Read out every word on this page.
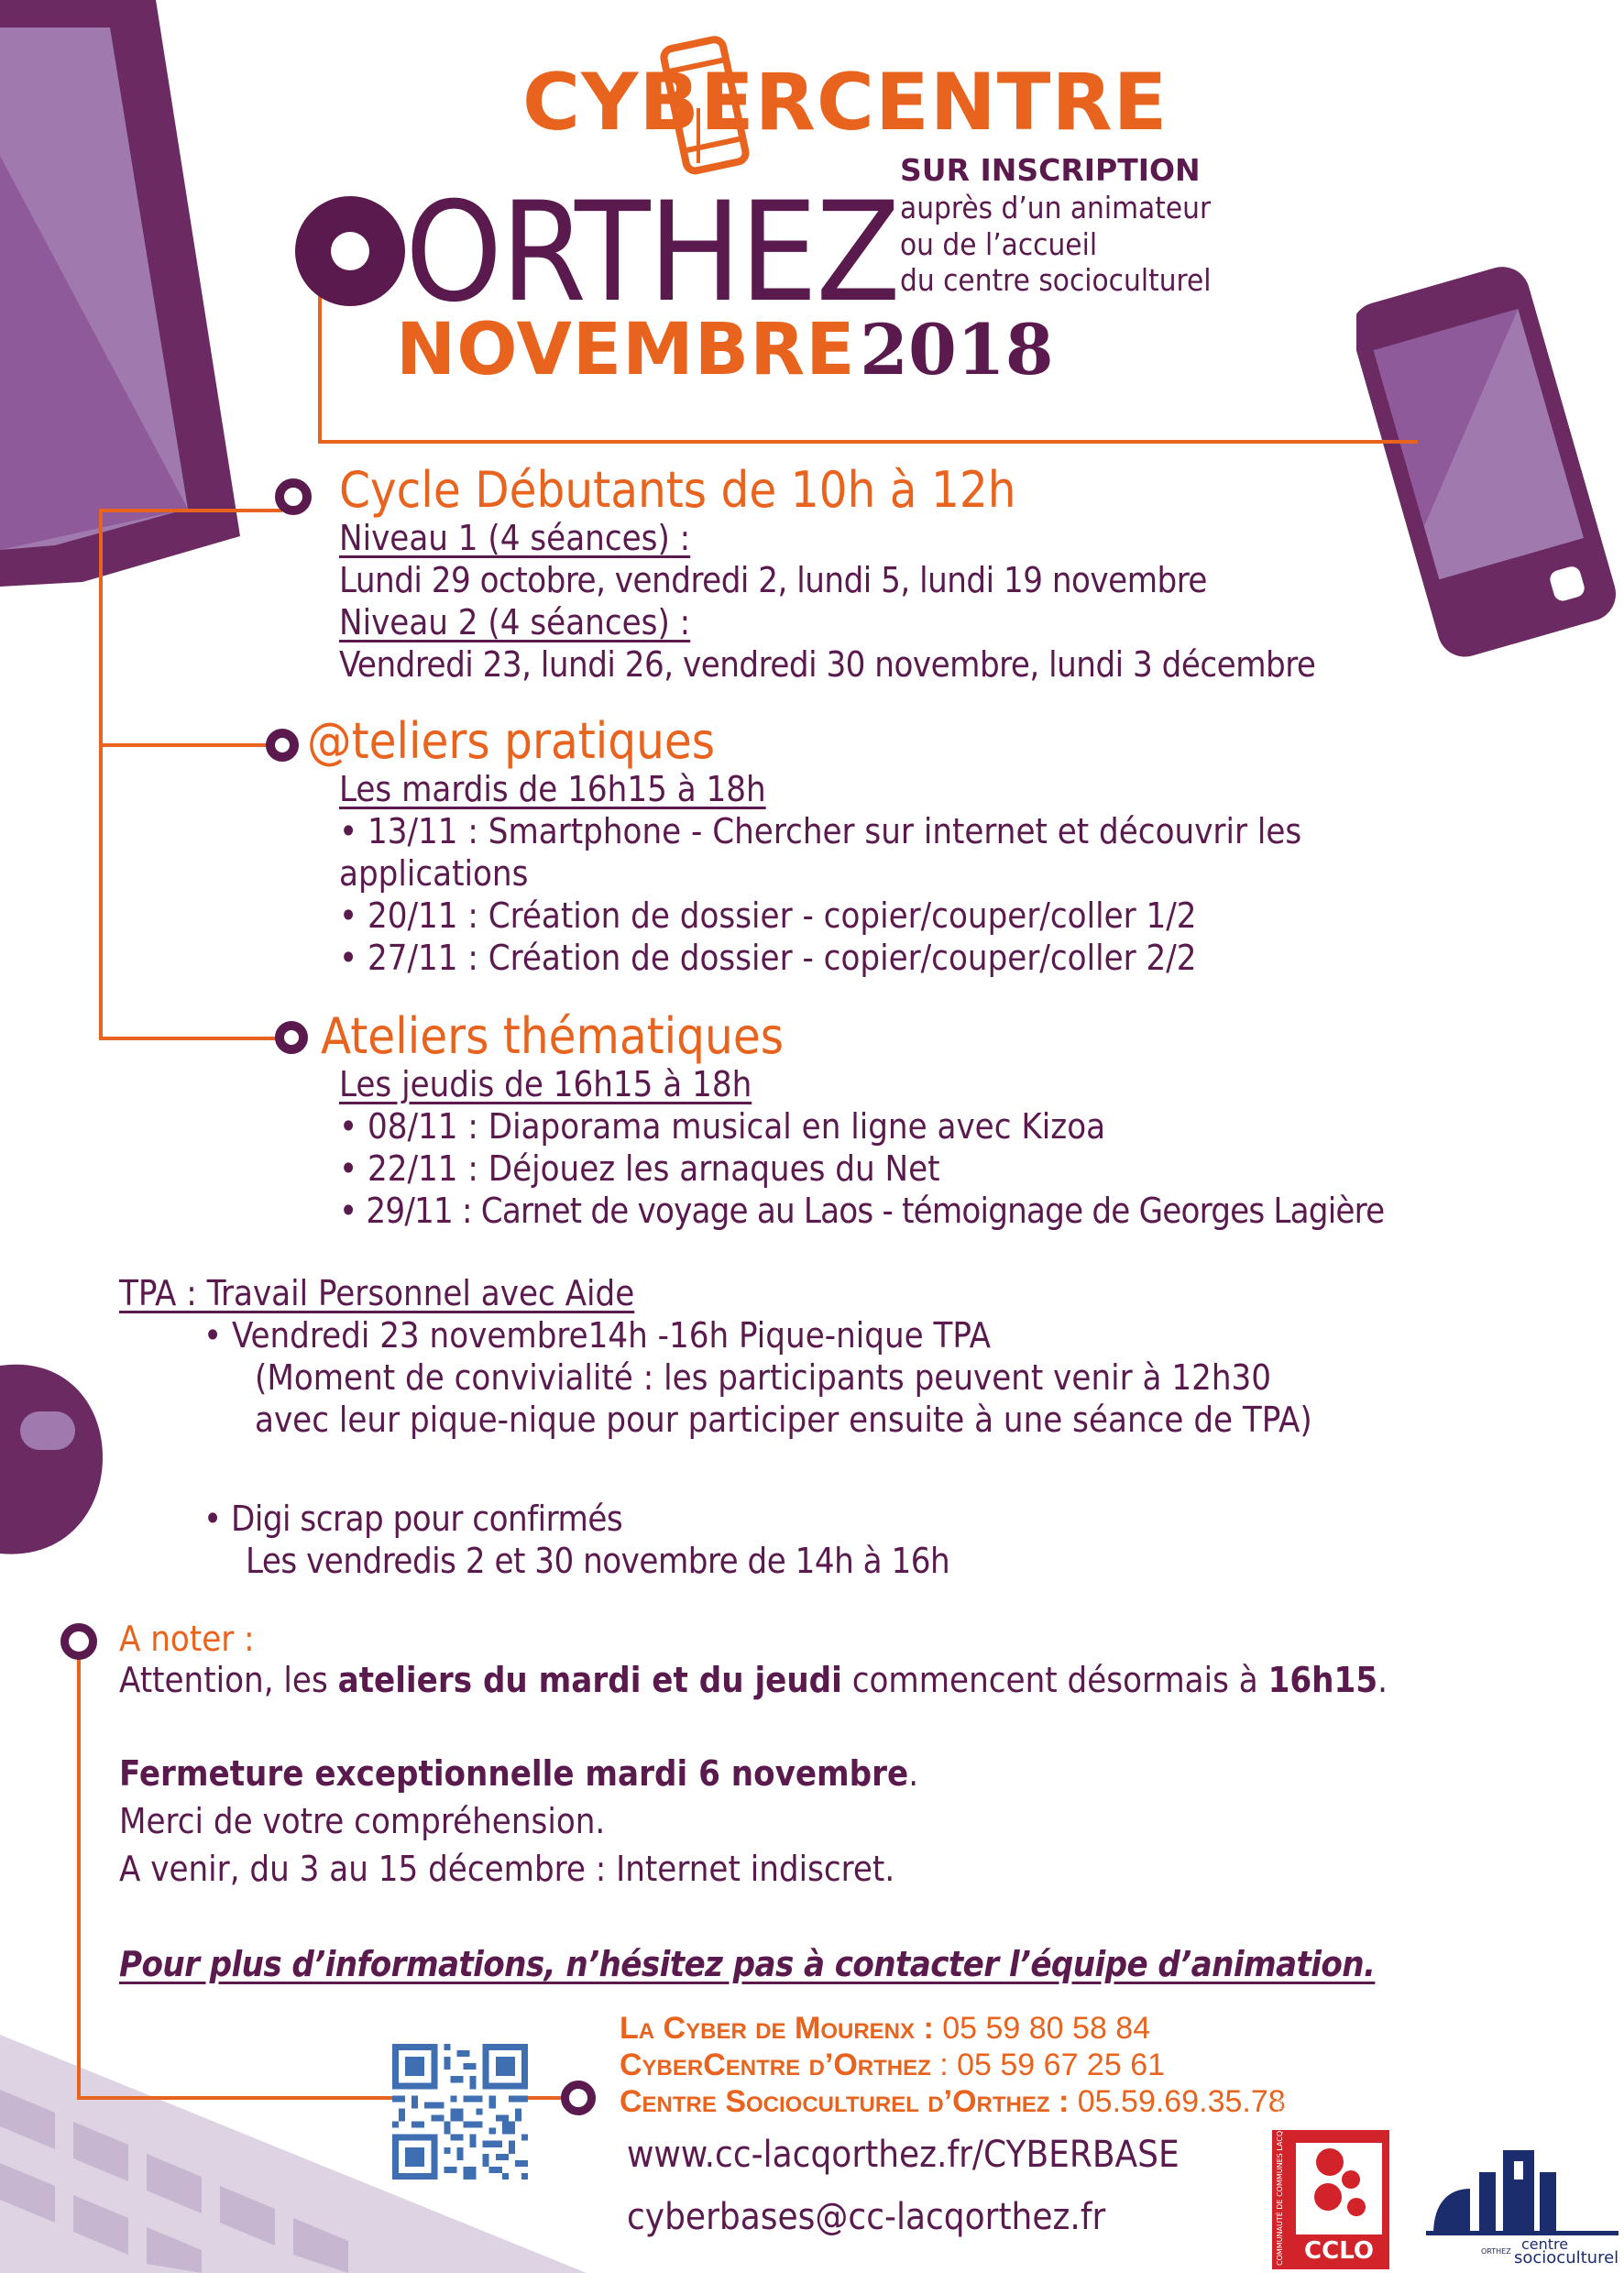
CYBERCENTRE
ORTHEZ
NOVEMBRE 2018
SUR INSCRIPTION
auprès d’un animateur
ou de l’accueil
du centre socioculturel
Cycle Débutants de 10h à 12h
Niveau 1 (4 séances) :
Lundi 29 octobre, vendredi 2, lundi 5, lundi 19 novembre
Niveau 2 (4 séances) :
Vendredi 23, lundi 26, vendredi 30 novembre, lundi 3 décembre
@teliers pratiques
Les mardis de 16h15 à 18h
• 13/11 : Smartphone - Chercher sur internet et découvrir les
applications
• 20/11 : Création de dossier - copier/couper/coller 1/2
• 27/11 : Création de dossier - copier/couper/coller 2/2
Ateliers thématiques
Les jeudis de 16h15 à 18h
• 08/11 : Diaporama musical en ligne avec Kizoa
• 22/11 : Déjouez les arnaques du Net
• 29/11 : Carnet de voyage au Laos - témoignage de Georges Lagière
TPA : Travail Personnel avec Aide
• Vendredi 23 novembre14h -16h Pique-nique TPA
(Moment de convivialité : les participants peuvent venir à 12h30
avec leur pique-nique pour participer ensuite à une séance de TPA)
• Digi scrap pour confirmés
Les vendredis 2 et 30 novembre de 14h à 16h
A noter :
Attention, les ateliers du mardi et du jeudi commencent désormais à 16h15.
Fermeture exceptionnelle mardi 6 novembre.
Merci de votre compréhension.
A venir, du 3 au 15 décembre : Internet indiscret.
Pour plus d’informations, n’hésitez pas à contacter l’équipe d’animation.
La Cyber de Mourenx : 05 59 80 58 84
CyberCentre d’Orthez : 05 59 67 25 61
Centre Socioculturel d’Orthez : 05.59.69.35.78
www.cc-lacqorthez.fr/CYBERBASE
cyberbases@cc-lacqorthez.fr	COMMUNAUTÉ DE COMMUNES LACQ-ORTHEZ CCLO	ORTHEZ centre
socioculturel
